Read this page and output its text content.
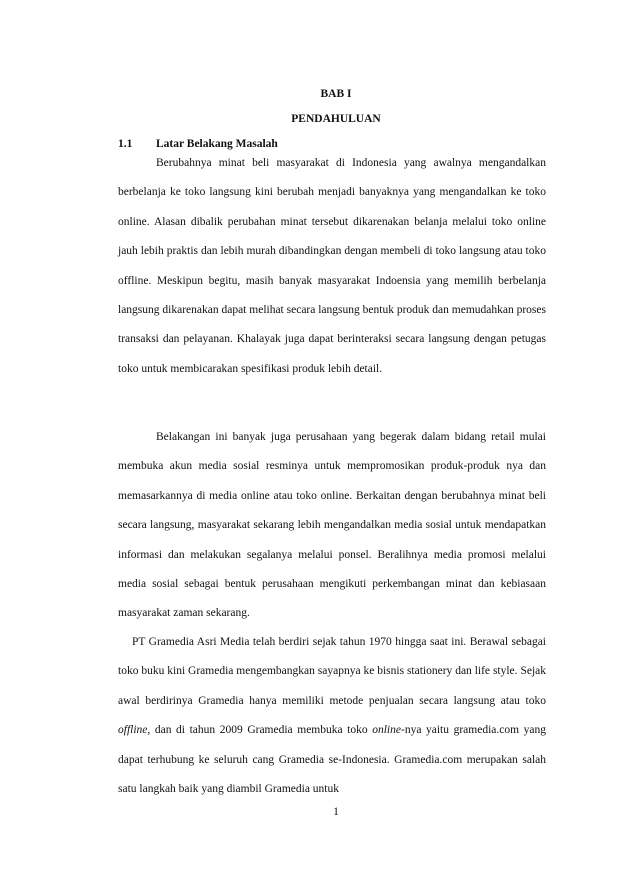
BAB I

PENDAHULUAN

1.1 Latar Belakang Masalah

Berubahnya minat beli masyarakat di Indonesia yang awalnya mengandalkan berbelanja ke toko langsung kini berubah menjadi banyaknya yang mengandalkan ke toko online. Alasan dibalik perubahan minat tersebut dikarenakan belanja melalui toko online jauh lebih praktis dan lebih murah dibandingkan dengan membeli di toko langsung atau toko offline. Meskipun begitu, masih banyak masyarakat Indoensia yang memilih berbelanja langsung dikarenakan dapat melihat secara langsung bentuk produk dan memudahkan proses transaksi dan pelayanan. Khalayak juga dapat berinteraksi secara langsung dengan petugas toko untuk membicarakan spesifikasi produk lebih detail.

Belakangan ini banyak juga perusahaan yang begerak dalam bidang retail mulai membuka akun media sosial resminya untuk mempromosikan produk-produk nya dan memasarkannya di media online atau toko online. Berkaitan dengan berubahnya minat beli secara langsung, masyarakat sekarang lebih mengandalkan media sosial untuk mendapatkan informasi dan melakukan segalanya melalui ponsel. Beralihnya media promosi melalui media sosial sebagai bentuk perusahaan mengikuti perkembangan minat dan kebiasaan masyarakat zaman sekarang.

PT Gramedia Asri Media telah berdiri sejak tahun 1970 hingga saat ini. Berawal sebagai toko buku kini Gramedia mengembangkan sayapnya ke bisnis stationery dan life style. Sejak awal berdirinya Gramedia hanya memiliki metode penjualan secara langsung atau toko offline, dan di tahun 2009 Gramedia membuka toko online-nya yaitu gramedia.com yang dapat terhubung ke seluruh cang Gramedia se-Indonesia. Gramedia.com merupakan salah satu langkah baik yang diambil Gramedia untuk

1
